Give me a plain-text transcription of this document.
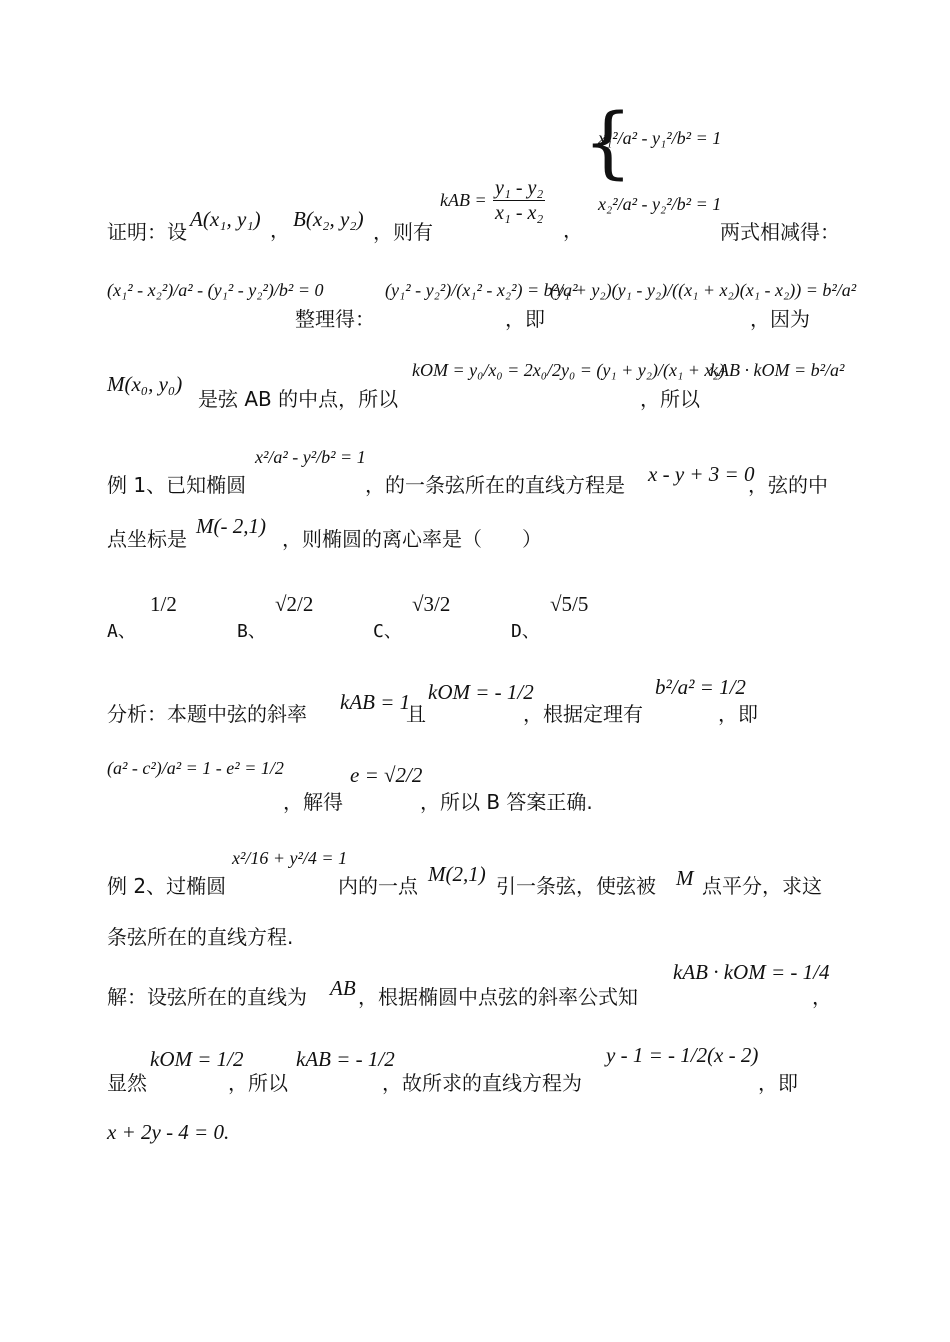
证明：设
A(x₁, y₁) ， B(x₂, y₂)
，则有
kAB = $\frac{\text{y₁ - y₂}}{\text{x₁ - x₂}}$
，
{
x₁²/a² - y₁²/b² = 1
x₂²/a² - y₂²/b² = 1
两式相减得：
(x₁² - x₂²)/a² - (y₁² - y₂²)/b² = 0
整理得：
(y₁² - y₂²)/(x₁² - x₂²) = b²/a²
，即
(y₁ + y₂)(y₁ - y₂)/((x₁ + x₂)(x₁ - x₂)) = b²/a²
，因为
M(x₀, y₀)
是弦 AB 的中点，所以
kOM = y₀/x₀ = 2x₀/2y₀ = (y₁ + y₂)/(x₁ + x₂)
，所以
kAB · kOM = b²/a²
例 1、已知椭圆
x²/a² - y²/b² = 1
，的一条弦所在的直线方程是 x - y + 3 = 0
，弦的中
点坐标是
M(- 2,1)
，则椭圆的离心率是（　　）
A、
1/2
B、
√2/2
C、
√3/2
D、
√5/5
分析：本题中弦的斜率 kAB = 1
且
kOM = - 1/2
，根据定理有
b²/a² = 1/2
，即
(a² - c²)/a² = 1 - e² = 1/2
，解得
e = √2/2
，所以 B 答案正确.
例 2、过椭圆
x²/16 + y²/4 = 1
内的一点 M(2,1) 引一条弦，使弦被 M 点平分，求这
条弦所在的直线方程.
解：设弦所在的直线为 AB ，根据椭圆中点弦的斜率公式知
kAB · kOM = - 1/4
，
显然
kOM = 1/2
，所以
kAB = - 1/2
，故所求的直线方程为
y - 1 = - 1/2(x - 2)
，即
x + 2y - 4 = 0.
